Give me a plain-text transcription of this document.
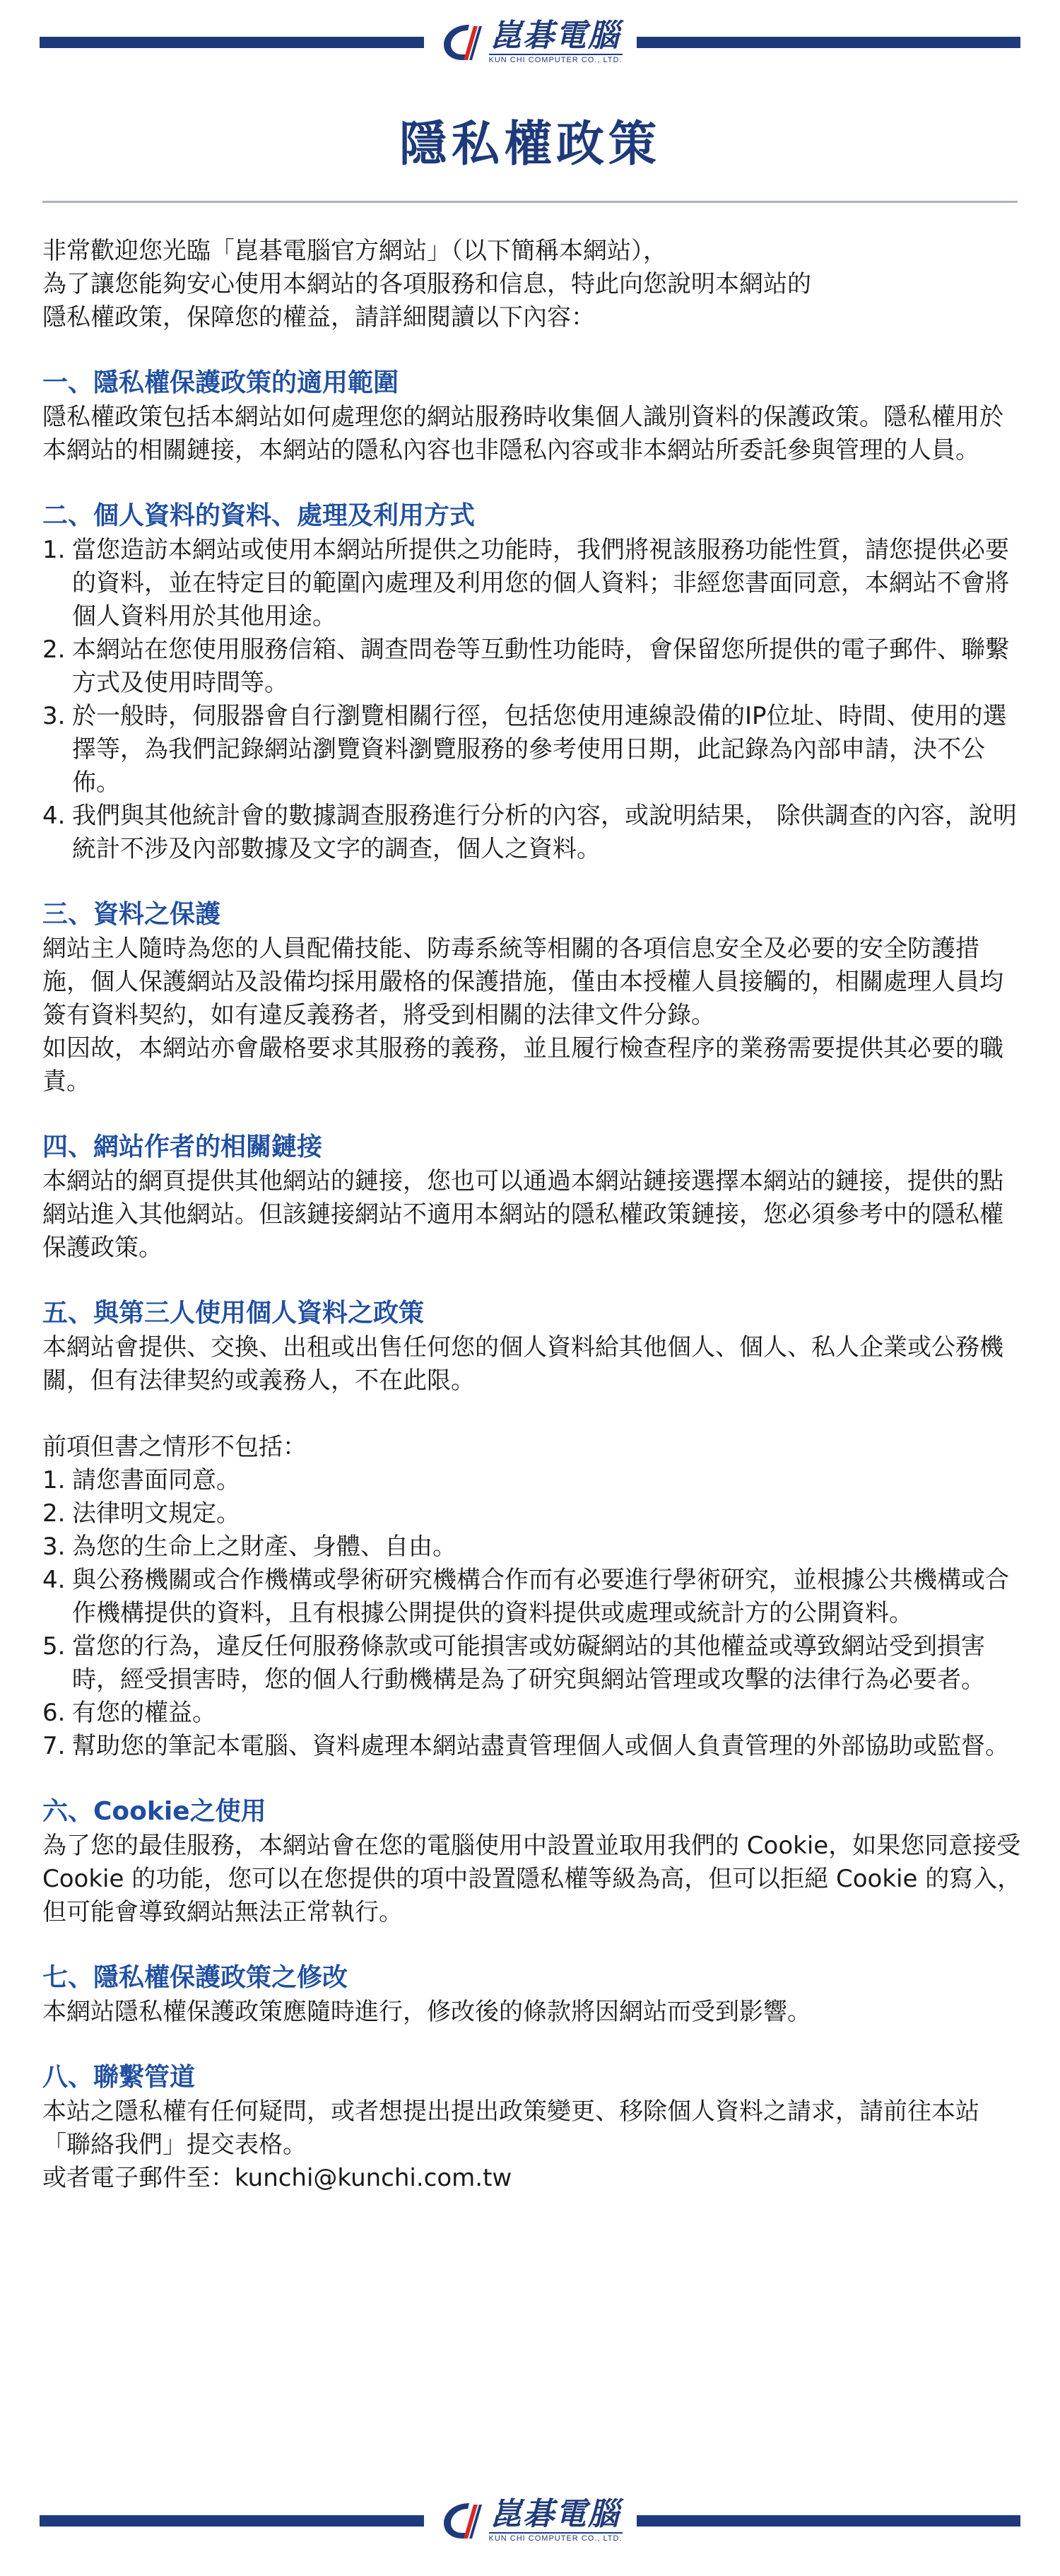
崑碁電腦
KUN CHI COMPUTER CO., LTD.
隱私權政策

非常歡迎您光臨「崑碁電腦官方網站」（以下簡稱本網站），

為了讓您能夠安心使用本網站的各項服務和信息，特此向您說明本網站的

隱私權政策，保障您的權益，請詳細閱讀以下內容：

一、隱私權保護政策的適用範圍

隱私權政策包括本網站如何處理您的網站服務時收集個人識別資料的保護政策。隱私權用於本網站的相關鏈接，本網站的隱私內容也非隱私內容或非本網站所委託參與管理的人員。

二、個人資料的資料、處理及利用方式
1. 當您造訪本網站或使用本網站所提供之功能時，我們將視該服務功能性質，請您提供必要的資料，並在特定目的範圍內處理及利用您的個人資料；非經您書面同意，本網站不會將個人資料用於其他用途。
2. 本網站在您使用服務信箱、調查問卷等互動性功能時，會保留您所提供的電子郵件、聯繫方式及使用時間等。
3. 於一般時，伺服器會自行瀏覽相關行徑，包括您使用連線設備的IP位址、時間、使用的選擇等，為我們記錄網站瀏覽資料瀏覽服務的參考使用日期，此記錄為內部申請，決不公佈。
4. 我們與其他統計會的數據調查服務進行分析的內容，或說明結果， 除供調查的內容，說明統計不涉及內部數據及文字的調查，個人之資料。
三、資料之保護

網站主人隨時為您的人員配備技能、防毒系統等相關的各項信息安全及必要的安全防護措施，個人保護網站及設備均採用嚴格的保護措施，僅由本授權人員接觸的，相關處理人員均簽有資料契約，如有違反義務者，將受到相關的法律文件分錄。

如因故，本網站亦會嚴格要求其服務的義務，並且履行檢查程序的業務需要提供其必要的職責。

四、網站作者的相關鏈接

本網站的網頁提供其他網站的鏈接，您也可以通過本網站鏈接選擇本網站的鏈接，提供的點網站進入其他網站。但該鏈接網站不適用本網站的隱私權政策鏈接，您必須參考中的隱私權保護政策。

五、與第三人使用個人資料之政策

本網站會提供、交換、出租或出售任何您的個人資料給其他個人、個人、私人企業或公務機關，但有法律契約或義務人，不在此限。

前項但書之情形不包括：

1. 請您書面同意。
2. 法律明文規定。
3. 為您的生命上之財產、身體、自由。
4. 與公務機關或合作機構或學術研究機構合作而有必要進行學術研究，並根據公共機構或合作機構提供的資料，且有根據公開提供的資料提供或處理或統計方的公開資料。
5. 當您的行為，違反任何服務條款或可能損害或妨礙網站的其他權益或導致網站受到損害時，經受損害時，您的個人行動機構是為了研究與網站管理或攻擊的法律行為必要者。
6. 有您的權益。
7. 幫助您的筆記本電腦、資料處理本網站盡責管理個人或個人負責管理的外部協助或監督。
六、Cookie之使用

為了您的最佳服務，本網站會在您的電腦使用中設置並取用我們的 Cookie，如果您同意接受 Cookie 的功能，您可以在您提供的項中設置隱私權等級為高，但可以拒絕 Cookie 的寫入，但可能會導致網站無法正常執行。

七、隱私權保護政策之修改

本網站隱私權保護政策應隨時進行，修改後的條款將因網站而受到影響。

八、聯繫管道

本站之隱私權有任何疑問，或者想提出提出政策變更、移除個人資料之請求，請前往本站「聯絡我們」提交表格。

或者電子郵件至：kunchi@kunchi.com.tw

崑碁電腦
KUN CHI COMPUTER CO., LTD.
